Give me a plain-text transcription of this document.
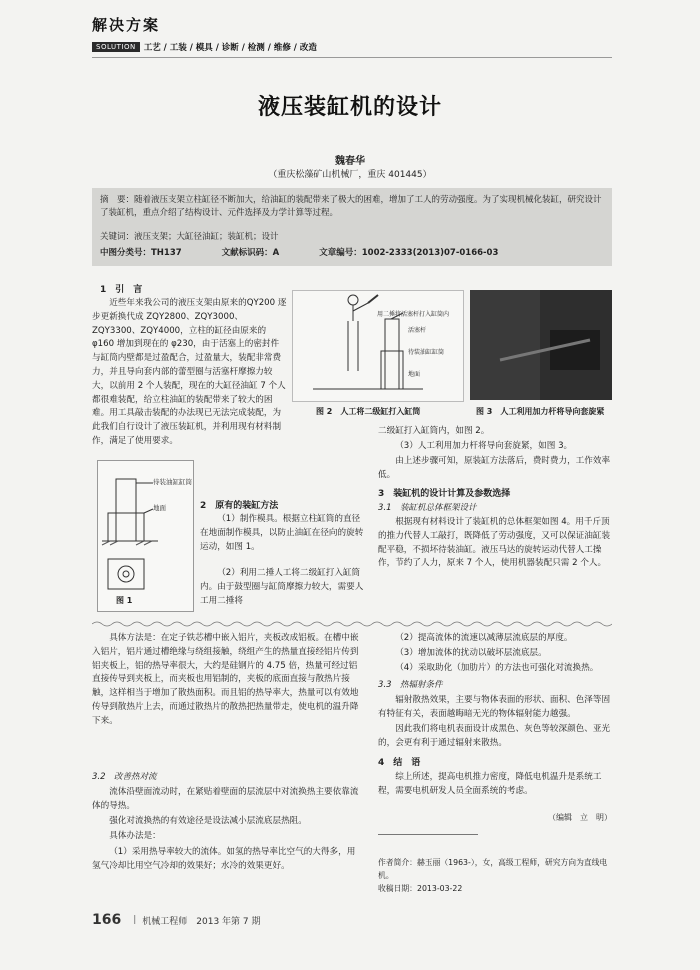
解决方案
SOLUTION 工艺 / 工装 / 模具 / 诊断 / 检测 / 维修 / 改造
液压装缸机的设计
魏春华
（重庆松藻矿山机械厂，重庆 401445）
摘　要：随着液压支架立柱缸径不断加大，给油缸的装配带来了极大的困难，增加了工人的劳动强度。为了实现机械化装缸，研究设计了装缸机，重点介绍了结构设计、元件选择及力学计算等过程。
关键词：液压支架；大缸径油缸；装缸机；设计
中图分类号：TH137	文献标识码：A	文章编号：1002-2333(2013)07-0166-03
1　引　言
近些年来我公司的液压支架由原来的QY200 逐步更新换代成 ZQY2800、ZQY3000、ZQY3300、ZQY4000，立柱的缸径由原来的 φ160 增加到现在的 φ230，由于活塞上的密封件与缸筒内壁都是过盈配合，过盈量大，装配非常费力，并且导向套内部的蕾型圈与活塞杆摩擦力较大，以前用 2 个人装配，现在的大缸径油缸 7 个人都很难装配，给立柱油缸的装配带来了较大的困难。用工具敲击装配的办法现已无法完成装配，为此我们自行设计了液压装缸机，并利用现有材料制作，满足了使用要求。
待装油缸缸筒
地面
图 1
2　原有的装缸方法
（1）制作模具。根据立柱缸筒的直径在地面制作模具，以防止油缸在径向的旋转运动，如图 1。
（2）利用二捶人工将二级缸打入缸筒内。由于鼓型圈与缸筒摩擦力较大，需要人工用二捶将
用二捶将活塞杆打入缸筒内
活塞杆
待装油缸缸筒
地面
图 2　人工将二级缸打入缸筒	图 3　人工利用加力杆将导向套旋紧
二级缸打入缸筒内，如图 2。
（3）人工利用加力杆将导向套旋紧，如图 3。
由上述步骤可知，原装缸方法落后，费时费力，工作效率低。
3　装缸机的设计计算及参数选择
3.1　装缸机总体框架设计
根据现有材料设计了装缸机的总体框架如图 4。用千斤顶的推力代替人工敲打，既降低了劳动强度，又可以保证油缸装配平稳，不损坏待装油缸。液压马达的旋转运动代替人工操作，节约了人力，原来 7 个人，使用机器装配只需 2 个人。
具体方法是：在定子铁芯槽中嵌入铝片，夹板改成铝板。在槽中嵌入铝片，铝片通过槽绝缘与绕组接触，绕组产生的热量直接经铝片传到铝夹板上，铝的热导率很大，大约是硅钢片的 4.75 倍，热量可经过铝直接传导到夹板上，而夹板也用铝制的，夹板的底面直接与散热片接触，这样相当于增加了散热面积。而且铝的热导率大，热量可以有效地传导到散热片上去，而通过散热片的散热把热量带走，使电机的温升降下来。
3.2　改善热对流
流体沿壁面流动时，在紧贴着壁面的层流层中对流换热主要依靠流体的导热。
强化对流换热的有效途径是设法减小层流底层热阻。
具体办法是：
（1）采用热导率较大的流体。如氢的热导率比空气的大得多，用氢气冷却比用空气冷却的效果好；水冷的效果更好。
（2）提高流体的流速以减薄层流底层的厚度。
（3）增加流体的扰动以破坏层流底层。
（4）采取助化（加肋片）的方法也可强化对流换热。
3.3　热辐射条件
辐射散热效果，主要与物体表面的形状、面积、色泽等固有特征有关，表面越晦暗无光的物体辐射能力越强。
因此我们将电机表面设计成黑色、灰色等较深颜色、亚光的，会更有利于通过辐射来散热。
4　结　语
综上所述，提高电机推力密度，降低电机温升是系统工程，需要电机研发人员全面系统的考虑。
（编辑　立　明）
作者简介：赫玉丽（1963-），女，高级工程师，研究方向为直线电机。
收稿日期：2013-03-22
166 | 机械工程师　2013 年第 7 期
